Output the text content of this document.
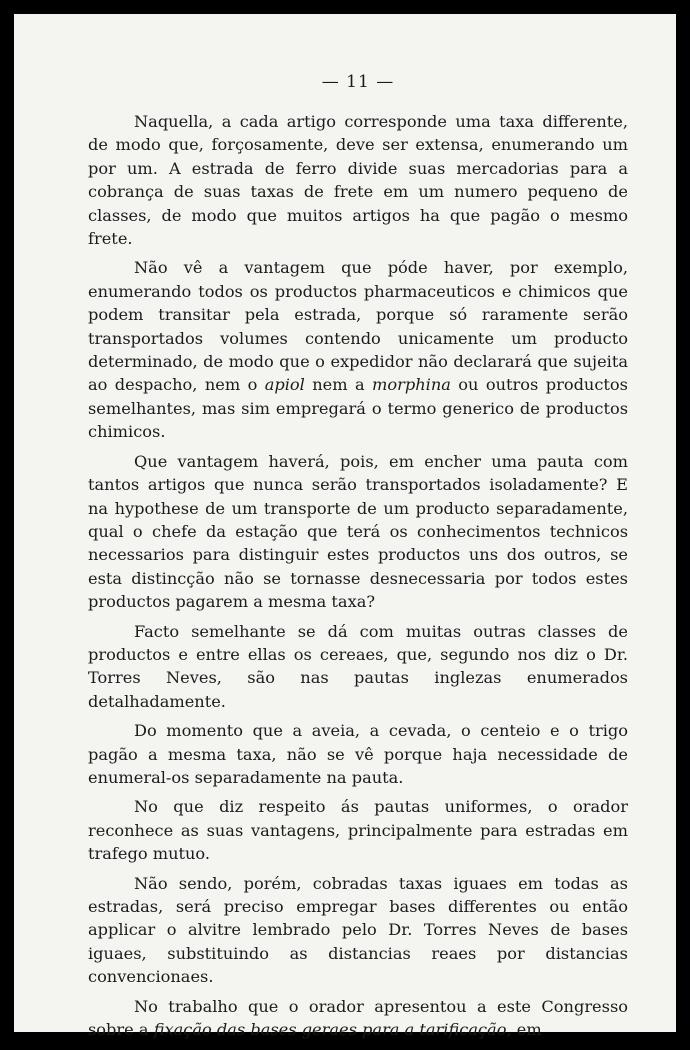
— 11 —

Naquella, a cada artigo corresponde uma taxa differente, de modo que, forçosamente, deve ser extensa, enumerando um por um. A estrada de ferro divide suas mercadorias para a cobrança de suas taxas de frete em um numero pequeno de classes, de modo que muitos artigos ha que pagão o mesmo frete.

Não vê a vantagem que póde haver, por exemplo, enumerando todos os productos pharmaceuticos e chimicos que podem transitar pela estrada, porque só raramente serão transportados volumes contendo unicamente um producto determinado, de modo que o expedidor não declarará que sujeita ao despacho, nem o apiol nem a morphina ou outros productos semelhantes, mas sim empregará o termo generico de productos chimicos.

Que vantagem haverá, pois, em encher uma pauta com tantos artigos que nunca serão transportados isoladamente? E na hypothese de um transporte de um producto separadamente, qual o chefe da estação que terá os conhecimentos technicos necessarios para distinguir estes productos uns dos outros, se esta distincção não se tornasse desnecessaria por todos estes productos pagarem a mesma taxa?

Facto semelhante se dá com muitas outras classes de productos e entre ellas os cereaes, que, segundo nos diz o Dr. Torres Neves, são nas pautas inglezas enumerados detalhadamente.

Do momento que a aveia, a cevada, o centeio e o trigo pagão a mesma taxa, não se vê porque haja necessidade de enumeral-os separadamente na pauta.

No que diz respeito ás pautas uniformes, o orador reconhece as suas vantagens, principalmente para estradas em trafego mutuo.

Não sendo, porém, cobradas taxas iguaes em todas as estradas, será preciso empregar bases differentes ou então applicar o alvitre lembrado pelo Dr. Torres Neves de bases iguaes, substituindo as distancias reaes por distancias convencionaes.

No trabalho que o orador apresentou a este Congresso sobre a fixação das bases geraes para a tarificação, em
